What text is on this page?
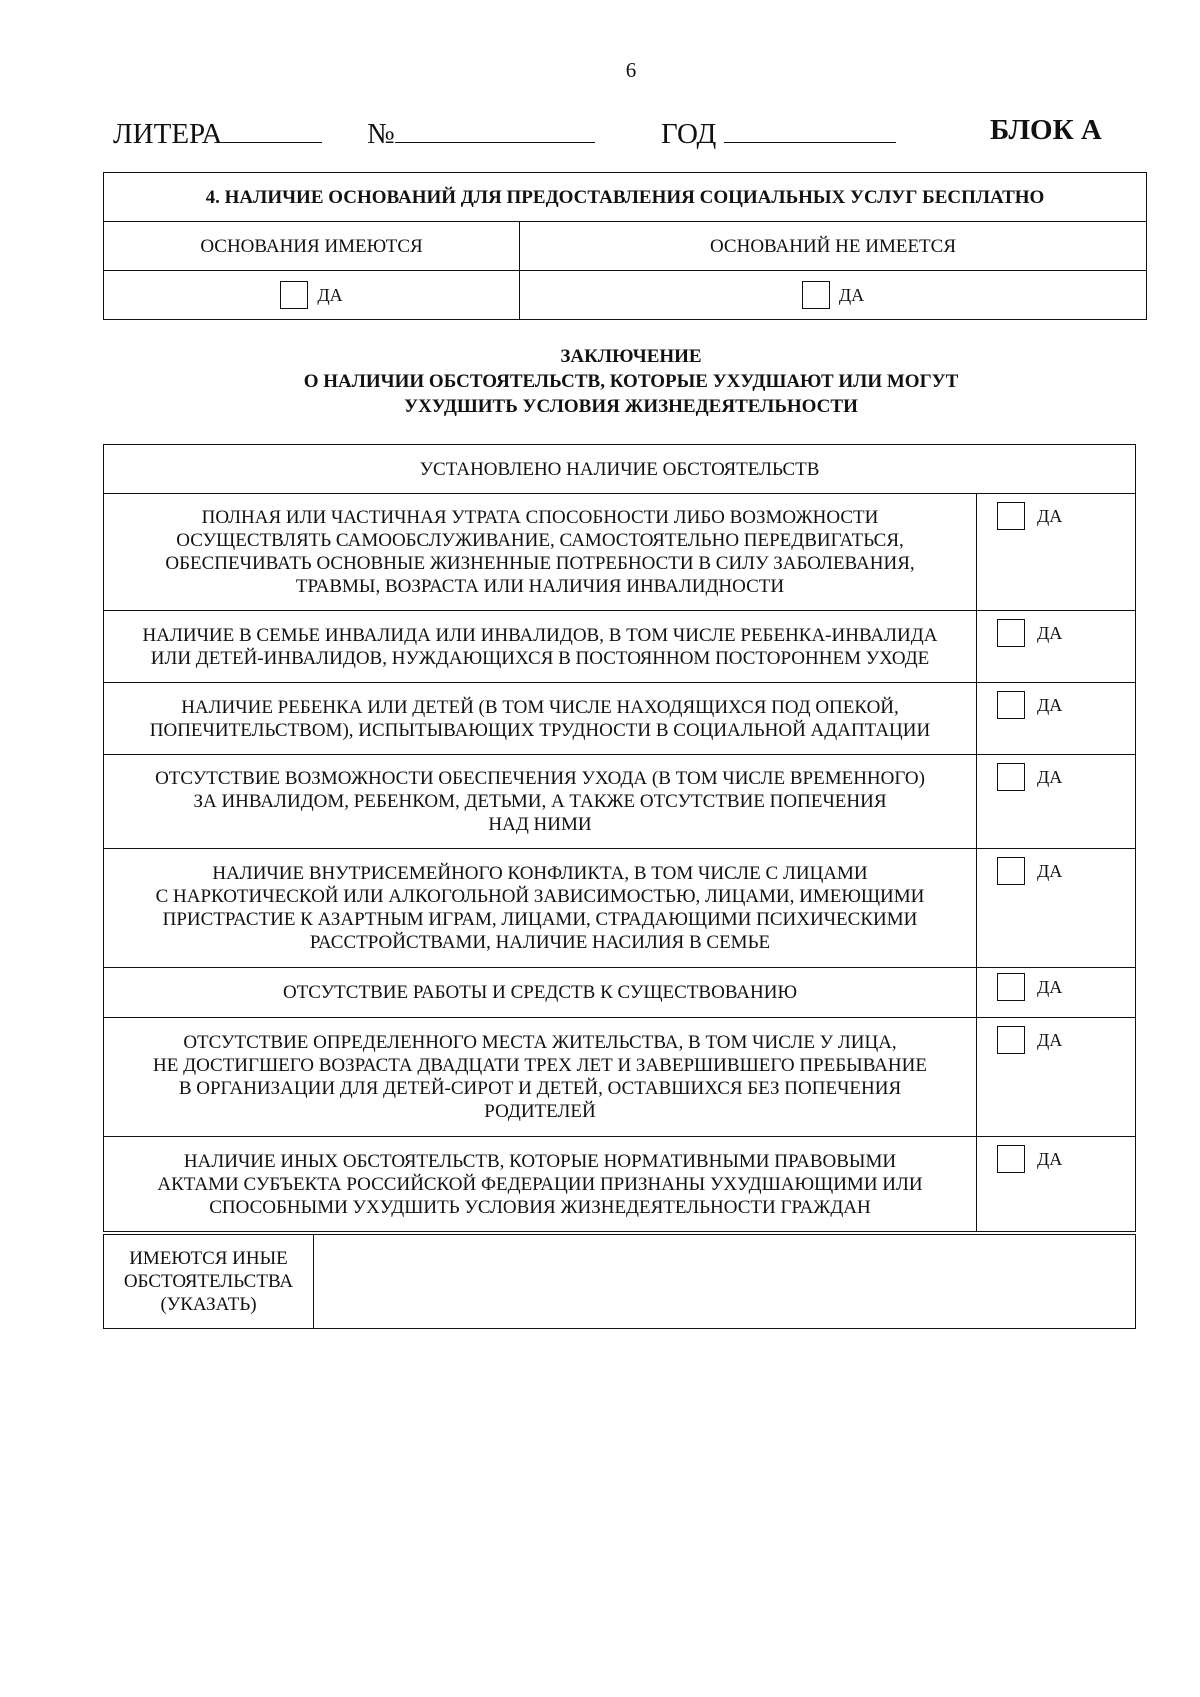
6
ЛИТЕРА	№	ГОД	БЛОК А
4. НАЛИЧИЕ ОСНОВАНИЙ ДЛЯ ПРЕДОСТАВЛЕНИЯ СОЦИАЛЬНЫХ УСЛУГ БЕСПЛАТНО	
ОСНОВАНИЯ ИМЕЮТСЯ	ОСНОВАНИЙ НЕ ИМЕЕТСЯ
ДА	ДА
ЗАКЛЮЧЕНИЕ
О НАЛИЧИИ ОБСТОЯТЕЛЬСТВ, КОТОРЫЕ УХУДШАЮТ ИЛИ МОГУТ
УХУДШИТЬ УСЛОВИЯ ЖИЗНЕДЕЯТЕЛЬНОСТИ
УСТАНОВЛЕНО НАЛИЧИЕ ОБСТОЯТЕЛЬСТВ	

ПОЛНАЯ ИЛИ ЧАСТИЧНАЯ УТРАТА СПОСОБНОСТИ ЛИБО ВОЗМОЖНОСТИ
ОСУЩЕСТВЛЯТЬ САМООБСЛУЖИВАНИЕ, САМОСТОЯТЕЛЬНО ПЕРЕДВИГАТЬСЯ,
ОБЕСПЕЧИВАТЬ ОСНОВНЫЕ ЖИЗНЕННЫЕ ПОТРЕБНОСТИ В СИЛУ ЗАБОЛЕВАНИЯ,
ТРАВМЫ, ВОЗРАСТА ИЛИ НАЛИЧИЯ ИНВАЛИДНОСТИ	ДА

НАЛИЧИЕ В СЕМЬЕ ИНВАЛИДА ИЛИ ИНВАЛИДОВ, В ТОМ ЧИСЛЕ РЕБЕНКА-ИНВАЛИДА
ИЛИ ДЕТЕЙ-ИНВАЛИДОВ, НУЖДАЮЩИХСЯ В ПОСТОЯННОМ ПОСТОРОННЕМ УХОДЕ	ДА

НАЛИЧИЕ РЕБЕНКА ИЛИ ДЕТЕЙ (В ТОМ ЧИСЛЕ НАХОДЯЩИХСЯ ПОД ОПЕКОЙ,
ПОПЕЧИТЕЛЬСТВОМ), ИСПЫТЫВАЮЩИХ ТРУДНОСТИ В СОЦИАЛЬНОЙ АДАПТАЦИИ	ДА

ОТСУТСТВИЕ ВОЗМОЖНОСТИ ОБЕСПЕЧЕНИЯ УХОДА (В ТОМ ЧИСЛЕ ВРЕМЕННОГО)
ЗА ИНВАЛИДОМ, РЕБЕНКОМ, ДЕТЬМИ, А ТАКЖЕ ОТСУТСТВИЕ ПОПЕЧЕНИЯ
НАД НИМИ	ДА

НАЛИЧИЕ ВНУТРИСЕМЕЙНОГО КОНФЛИКТА, В ТОМ ЧИСЛЕ С ЛИЦАМИ
С НАРКОТИЧЕСКОЙ ИЛИ АЛКОГОЛЬНОЙ ЗАВИСИМОСТЬЮ, ЛИЦАМИ, ИМЕЮЩИМИ
ПРИСТРАСТИЕ К АЗАРТНЫМ ИГРАМ, ЛИЦАМИ, СТРАДАЮЩИМИ ПСИХИЧЕСКИМИ
РАССТРОЙСТВАМИ, НАЛИЧИЕ НАСИЛИЯ В СЕМЬЕ	ДА

ОТСУТСТВИЕ РАБОТЫ И СРЕДСТВ К СУЩЕСТВОВАНИЮ	ДА

ОТСУТСТВИЕ ОПРЕДЕЛЕННОГО МЕСТА ЖИТЕЛЬСТВА, В ТОМ ЧИСЛЕ У ЛИЦА,
НЕ ДОСТИГШЕГО ВОЗРАСТА ДВАДЦАТИ ТРЕХ ЛЕТ И ЗАВЕРШИВШЕГО ПРЕБЫВАНИЕ
В ОРГАНИЗАЦИИ ДЛЯ ДЕТЕЙ-СИРОТ И ДЕТЕЙ, ОСТАВШИХСЯ БЕЗ ПОПЕЧЕНИЯ
РОДИТЕЛЕЙ	ДА

НАЛИЧИЕ ИНЫХ ОБСТОЯТЕЛЬСТВ, КОТОРЫЕ НОРМАТИВНЫМИ ПРАВОВЫМИ
АКТАМИ СУБЪЕКТА РОССИЙСКОЙ ФЕДЕРАЦИИ ПРИЗНАНЫ УХУДШАЮЩИМИ ИЛИ
СПОСОБНЫМИ УХУДШИТЬ УСЛОВИЯ ЖИЗНЕДЕЯТЕЛЬНОСТИ ГРАЖДАН	ДА
ИМЕЮТСЯ ИНЫЕ
ОБСТОЯТЕЛЬСТВА
(УКАЗАТЬ)
